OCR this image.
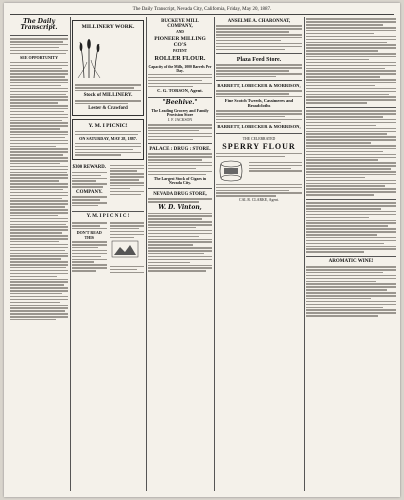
The Daily Transcript, Nevada City, California, Friday, May 20, 1887.
The Daily Transcript.
SEE OPPORTUNITY
MILLINERY WORK.
Stock of MILLINERY.
Lester & Crawford
Y. M. I PICNIC!
ON SATURDAY, MAY 28, 1887.
$300 REWARD.
COMPANY.
Y. M. I P I C N I C !
DON'T READ THIS
BUCKEYE MILL COMPANY,
AND
PIONEER MILLING CO'S
PATENT
ROLLER FLOUR.
Capacity of the Mills, 1000 Barrels Per Day.
C. G. TORSON, Agent.
"Beehive."
The Leading Grocery and Family Provision Store
J. F. JACKSON
PALACE : DRUG : STORE.
The Largest Stock of Cigars in Nevada City.
NEVADA DRUG STORE,
W. D. Vinton,
ANSELME A. CHARONNAT,
Plaza Feed Store.
BARRETT, LOBECKER & MORRISON,
Fine Scotch Tweeds, Cassimeres and Broadcloths
BARRETT, LOBECKER & MORRISON,
THE CELEBRATED
SPERRY FLOUR
CAL R. CLARKE, Agent.
AROMATIC WINE!
